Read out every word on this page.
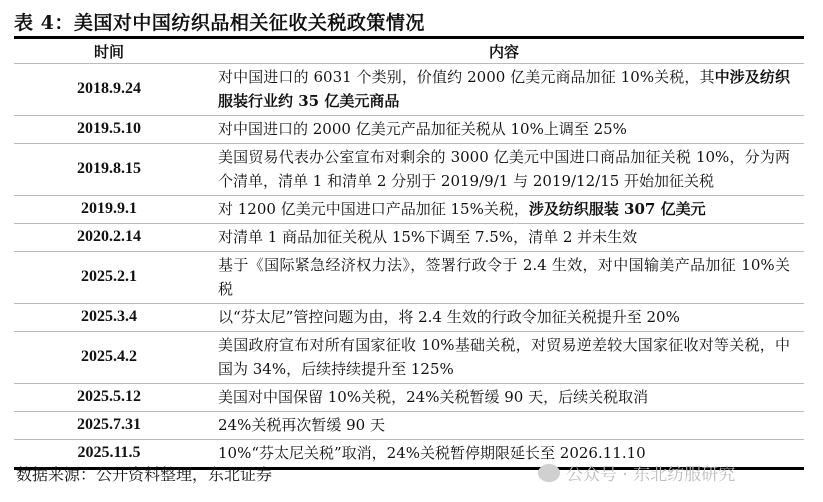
表 4：美国对中国纺织品相关征收关税政策情况
时间	内容
2018.9.24	对中国进口的 6031 个类别，价值约 2000 亿美元商品加征 10%关税，其中涉及纺织服装行业约 35 亿美元商品
2019.5.10	对中国进口的 2000 亿美元产品加征关税从 10%上调至 25%
2019.8.15	美国贸易代表办公室宣布对剩余的 3000 亿美元中国进口商品加征关税 10%，分为两个清单，清单 1 和清单 2 分别于 2019/9/1 与 2019/12/15 开始加征关税
2019.9.1	对 1200 亿美元中国进口产品加征 15%关税，涉及纺织服装 307 亿美元
2020.2.14	对清单 1 商品加征关税从 15%下调至 7.5%，清单 2 并未生效
2025.2.1	基于《国际紧急经济权力法》，签署行政令于 2.4 生效，对中国输美产品加征 10%关税
2025.3.4	以“芬太尼”管控问题为由，将 2.4 生效的行政令加征关税提升至 20%
2025.4.2	美国政府宣布对所有国家征收 10%基础关税，对贸易逆差较大国家征收对等关税，中国为 34%，后续持续提升至 125%
2025.5.12	美国对中国保留 10%关税，24%关税暂缓 90 天，后续关税取消
2025.7.31	24%关税再次暂缓 90 天
2025.11.5	10%“芬太尼关税”取消，24%关税暂停期限延长至 2026.11.10
数据来源：公开资料整理，东北证券	公众号 · 东北纺服研究
